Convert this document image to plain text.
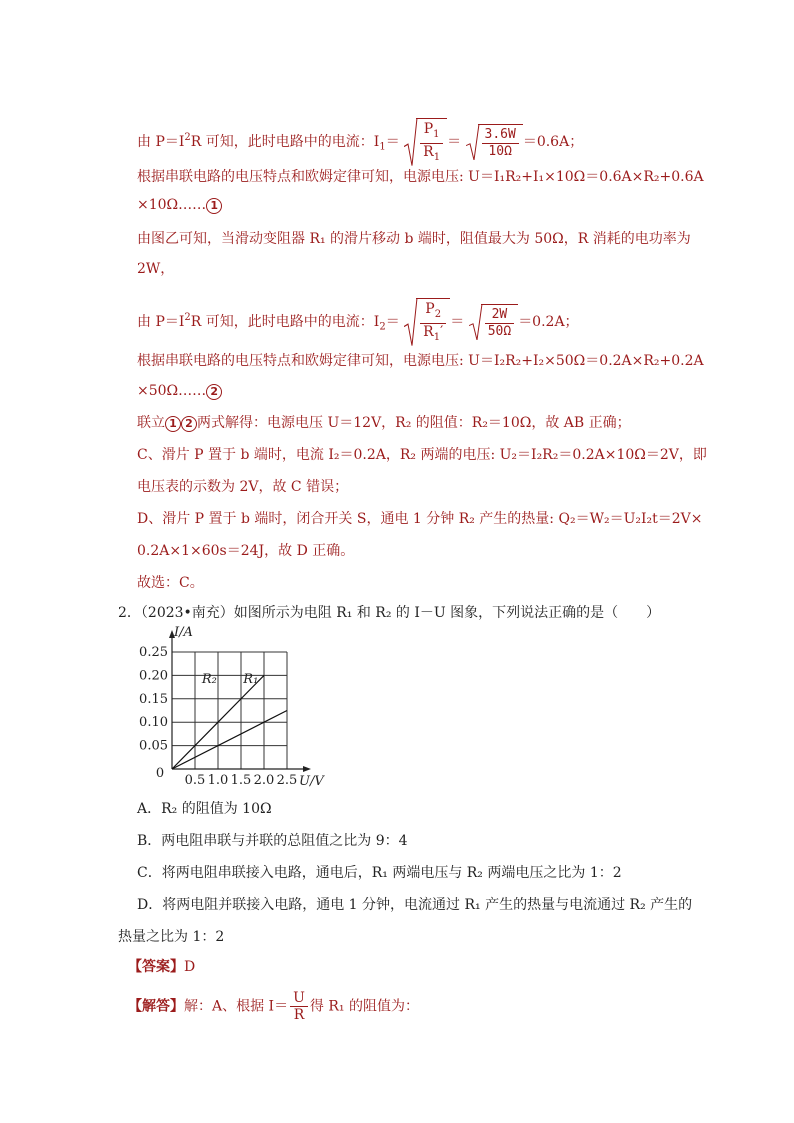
由 $P=I^2R$ 可知，此时电路中的电流：$I_1= \frac{P_1}{R_1} = \frac{3.6W}{10\Omega} =0.6A$；
根据串联电路的电压特点和欧姆定律可知，电源电压: U＝I₁R₂+I₁×10Ω＝0.6A×R₂+0.6A
×10Ω…… 1
由图乙可知，当滑动变阻器 R₁ 的滑片移动 b 端时，阻值最大为 50Ω，R 消耗的电功率为
2W，
由 $P=I^2R$ 可知，此时电路中的电流：$I_2= \frac{P_2}{R_1'} = \frac{2W}{50\Omega} =0.2A$；
根据串联电路的电压特点和欧姆定律可知，电源电压: U＝I₂R₂+I₂×50Ω＝0.2A×R₂+0.2A
×50Ω…… 2
联立 1 2 两式解得：电源电压 U＝12V，R₂ 的阻值：R₂＝10Ω，故 AB 正确；
C、滑片 P 置于 b 端时，电流 I₂＝0.2A，R₂ 两端的电压: U₂＝I₂R₂＝0.2A×10Ω＝2V，即
电压表的示数为 2V，故 C 错误；
D、滑片 P 置于 b 端时，闭合开关 S，通电 1 分钟 R₂ 产生的热量: Q₂＝W₂＝U₂I₂t＝2V×
0.2A×1×60s＝24J，故 D 正确。
故选：C。
2．（2023•南充）如图所示为电阻 R₁ 和 R₂ 的 I－U 图象，下列说法正确的是（　　）
0.5 1.0 1.5 2.0 2.5
0.05
0.10
0.15
0.20
0.25
0
I/A
U/V
R₂ R₁
A．R₂ 的阻值为 10Ω
B．两电阻串联与并联的总阻值之比为 9：4
C．将两电阻串联接入电路，通电后，R₁ 两端电压与 R₂ 两端电压之比为 1：2
D．将两电阻并联接入电路，通电 1 分钟，电流通过 R₁ 产生的热量与电流通过 R₂ 产生的
热量之比为 1：2
【答案】D
【解答】解：A、根据 $I= \frac{U}{R}$ 得 R₁ 的阻值为：
